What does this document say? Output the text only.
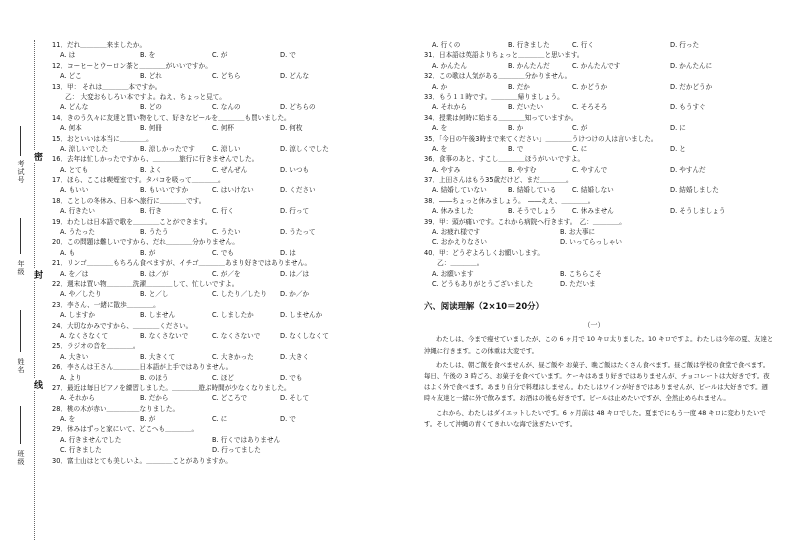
考试号
年级
姓名
班级
密
封
线
11．だれ＿＿＿＿来ましたか。
A. は	B. を	C. が	D. で
12．コーヒーとウーロン茶と＿＿＿＿がいいですか。
A. どこ	B. どれ	C. どちら	D. どんな
13．甲： それは＿＿＿＿本ですか。
　　乙： 大変おもしろい本ですよ。ねえ、ちょっと見て。
A. どんな	B. どの	C. なんの	D. どちらの
14．きのう久々に友達と買い物をして、好きなビールを＿＿＿＿も買いました。
A. 何本	B. 何冊	C. 何杯	D. 何枚
15．おといいは本当に＿＿＿＿。
A. 涼しいでした	B. 涼しかったです	C. 涼しい	D. 涼しくでした
16．去年は忙しかったですから、＿＿＿＿旅行に行きませんでした。
A. とても	B. よく	C. ぜんぜん	D. いつも
17．ほら、ここは喫煙室です。タバコを吸って＿＿＿＿。
A. もいい	B. もいいですか	C. はいけない	D. ください
18．ことしの冬休み、日本へ旅行に＿＿＿＿です。
A. 行きたい	B. 行き	C. 行く	D. 行って
19．わたしは日本語で歌を＿＿＿＿ことができます。
A. うたった	B. うたう	C. うたい	D. うたって
20．この問題は難しいですから、だれ＿＿＿＿分かりません。
A. も	B. が	C. でも	D. は
21．リンゴ＿＿＿＿もちろん食べますが、イチゴ＿＿＿＿あまり好きではありません。
A. を／は	B. は／が	C. が／を	D. は／は
22．週末は買い物＿＿＿＿洗濯＿＿＿＿して、忙しいですよ。
A. や／したり	B. と／し	C. したり／したり D. か／か
23．李さん、一緒に散歩＿＿＿＿。
A. しますか	B. しません	C. しましたか	D. しませんか
24．大切なかみですから、＿＿＿＿ください。
A. なくさなくて	B. なくさないで	C. なくさないで	D. なくしなくて
25．ラジオの音を＿＿＿＿。
A. 大きい	B. 大きくて	C. 大きかった	D. 大きく
26．李さんは王さん＿＿＿＿日本語が上手ではありません。
A. より	B. のほう	C. ほど	D. でも
27．最近は毎日ピアノを練習しました。＿＿＿＿遊ぶ時間が少なくなりました。
A. それから	B. だから	C. どころで	D. そして
28．桃の木が赤い＿＿＿＿＿なりました。
A. を	B. が	C. に	D. で
29．休みはずっと家にいて、どこへも＿＿＿＿。
A. 行きませんでした	B. 行くではありません
C. 行きました	D. 行ってました
30．富士山はとても美しいよ。＿＿＿＿ことがありますか。
A. 行くの	B. 行きました	C. 行く	D. 行った
31．日本語は英語よりちょっと＿＿＿＿と思います。
A. かんたん	B. かんたんだ	C. かんたんです	D. かんたんに
32．この歌は人気がある＿＿＿＿分かりません。
A. か	B. だか	C. かどうか	D. だかどうか
33．もう１１時です。＿＿＿＿帰りましょう。
A. それから	B. だいたい	C. そろそろ	D. もうすぐ
34．授業は何時に始まる＿＿＿＿知っていますか。
A. を	B. か	C. が	D. に
35．「今日の午後3時まで来てください」＿＿＿＿うけつけの人は言いました。
A. を	B. で	C. に	D. と
36．食事のあと、すこし＿＿＿＿ほうがいいですよ。
A. やすみ	B. やすむ	C. やすんで	D. やすんだ
37．上田さんはもう35歳だけど、まだ＿＿＿＿。
A. 結婚していない	B. 結婚している C. 結婚しない	D. 結婚しました
38．――ちょっと休みましょう。　――ええ、＿＿＿＿。
A. 休みました	B. そうでしょう C. 休みません	D. そうしましょう
39．甲：頭が痛いです。これから病院へ行きます。　乙：＿＿＿＿。
A. お疲れ様です	B. お大事に
C. おかえりなさい	D. いってらっしゃい
40．甲：どうぞよろしくお願いします。
　　乙：＿＿＿＿。
A. お願います	B. こちらこそ
C. どうもありがとうございました	D. ただいま
六、阅读理解（2×10＝20分）
（一）
わたしは、今まで痩せていましたが、この 6 ヶ月で 10 キロ太りました。10 キロですよ。わたしは今年の夏、友達と沖縄に行きます。この体重は大変です。
わたしは、朝ご飯を食べませんが、昼ご飯や お菓子、晩ご飯はたくさん食べます。昼ご飯は学校の食堂で食べます。毎日、午後の 3 時ごろ、お菓子を食べています。ケーキはあまり好きではありませんが、チョコレートは大好きです。夜はよく外で食べます。あまり自分で料理はしません。わたしはワインが好きではありませんが、ビールは大好きです。週時々友達と一緒に外で飲みます。お酒はの後も好きです。ビールは止めたいですが、全然止められません。
これから、わたしはダイエットしたいです。6 ヶ月前は 48 キロでした。夏までにもう一度 48 キロに変わりたいです。そして沖縄の青くてきれいな海で泳ぎたいです。
